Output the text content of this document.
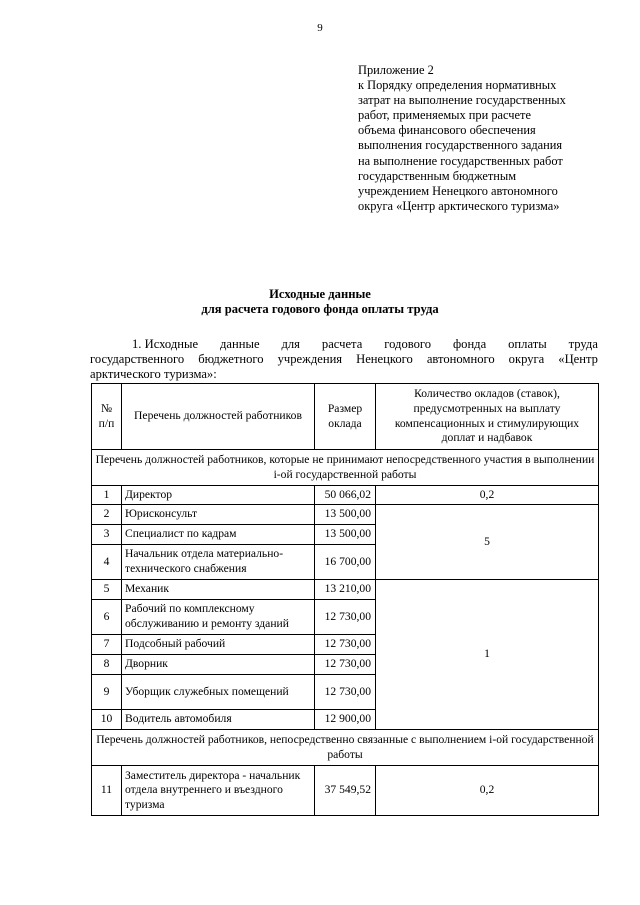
9
Приложение 2
к Порядку определения нормативных
затрат на выполнение государственных
работ, применяемых при расчете
объема финансового обеспечения
выполнения государственного задания
на выполнение государственных работ
государственным бюджетным
учреждением Ненецкого автономного
округа «Центр арктического туризма»
Исходные данные
для расчета годового фонда оплаты труда
1. Исходные данные для расчета годового фонда оплаты труда
государственного бюджетного учреждения Ненецкого автономного округа «Центр
арктического туризма»:
№ п/п	Перечень должностей работников	Размер оклада	Количество окладов (ставок), предусмотренных на выплату компенсационных и стимулирующих доплат и надбавок
Перечень должностей работников, которые не принимают непосредственного участия в выполнении i-ой государственной работы			
1	Директор	50 066,02	0,2
2	Юрисконсульт	13 500,00	5
3	Специалист по кадрам	13 500,00	
4	Начальник отдела материально-технического снабжения	16 700,00	
5	Механик	13 210,00	1
6	Рабочий по комплексному обслуживанию и ремонту зданий	12 730,00	
7	Подсобный рабочий	12 730,00	
8	Дворник	12 730,00	
9	Уборщик служебных помещений	12 730,00	
10	Водитель автомобиля	12 900,00	
Перечень должностей работников, непосредственно связанные с выполнением i-ой государственной работы			
11	Заместитель директора - начальник отдела внутреннего и въездного туризма	37 549,52	0,2
